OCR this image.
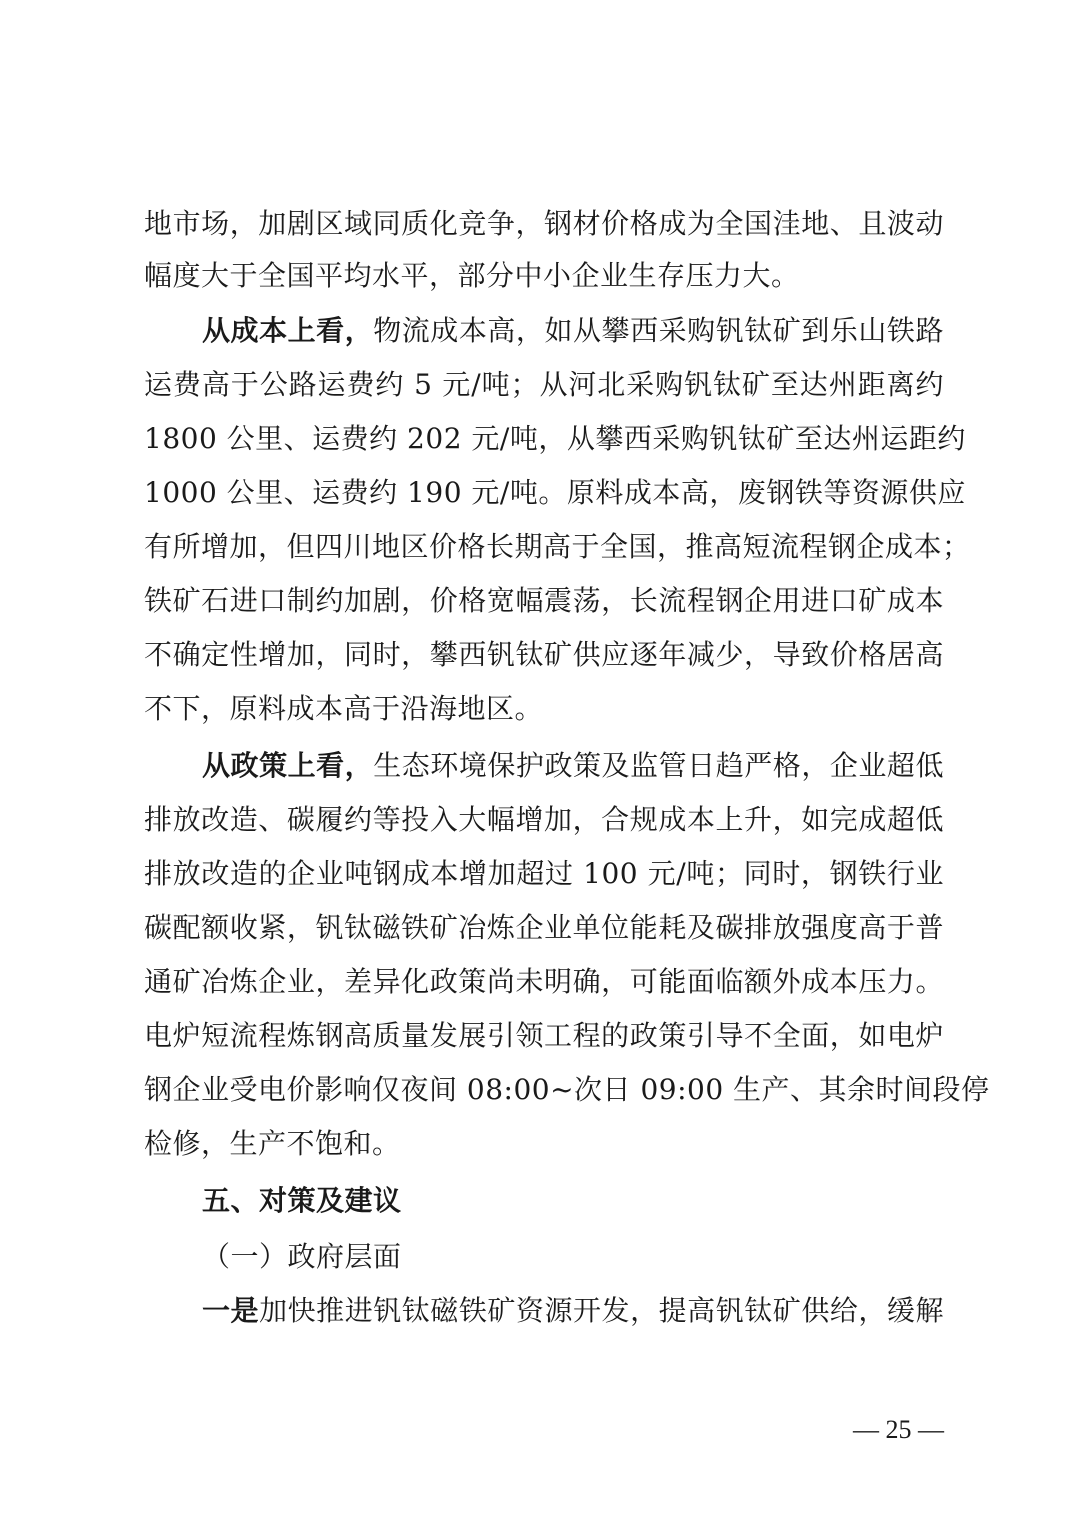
地市场，加剧区域同质化竞争，钢材价格成为全国洼地、且波动
幅度大于全国平均水平，部分中小企业生存压力大。
从成本上看，物流成本高，如从攀西采购钒钛矿到乐山铁路
运费高于公路运费约 5 元/吨；从河北采购钒钛矿至达州距离约
1800 公里、运费约 202 元/吨，从攀西采购钒钛矿至达州运距约
1000 公里、运费约 190 元/吨。原料成本高，废钢铁等资源供应
有所增加，但四川地区价格长期高于全国，推高短流程钢企成本；
铁矿石进口制约加剧，价格宽幅震荡，长流程钢企用进口矿成本
不确定性增加，同时，攀西钒钛矿供应逐年减少，导致价格居高
不下，原料成本高于沿海地区。
从政策上看，生态环境保护政策及监管日趋严格，企业超低
排放改造、碳履约等投入大幅增加，合规成本上升，如完成超低
排放改造的企业吨钢成本增加超过 100 元/吨；同时，钢铁行业
碳配额收紧，钒钛磁铁矿冶炼企业单位能耗及碳排放强度高于普
通矿冶炼企业，差异化政策尚未明确，可能面临额外成本压力。
电炉短流程炼钢高质量发展引领工程的政策引导不全面，如电炉
钢企业受电价影响仅夜间 08:00~次日 09:00 生产、其余时间段停
检修，生产不饱和。
五、对策及建议
（一）政府层面
一是加快推进钒钛磁铁矿资源开发，提高钒钛矿供给，缓解
— 25 —
